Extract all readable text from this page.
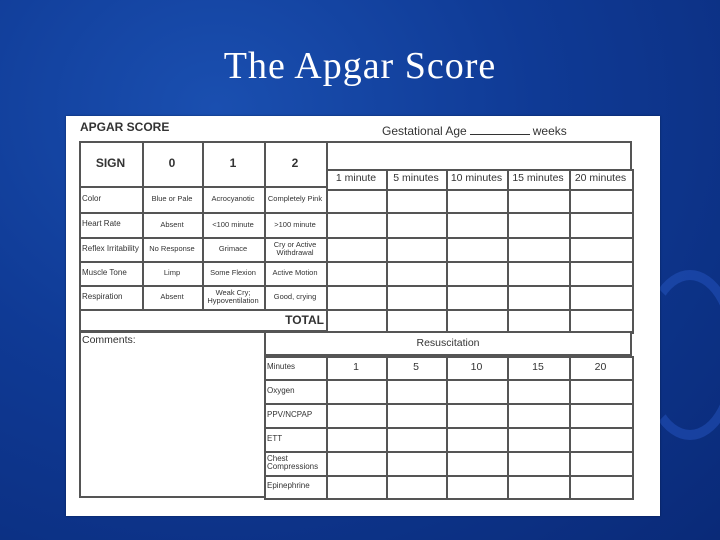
The Apgar Score
APGAR SCORE	Gestational Age	weeks
SIGN	0	1	2
1 minute	5 minutes	10 minutes 15 minutes	20 minutes
Color	Blue or Pale	Acrocyanotic	Completely Pink
Heart Rate	Absent	<100 minute	>100 minute
Reflex Irritability	No Response	Grimace	Cry or Active Withdrawal
Muscle Tone	Limp	Some Flexion	Active Motion
Respiration	Absent	Weak Cry; Hypoventilation	Good, crying
TOTAL
Comments:	Resuscitation
Minutes	1	5	10	15	20
Oxygen
PPV/NCPAP
ETT
Chest Compressions
Epinephrine
